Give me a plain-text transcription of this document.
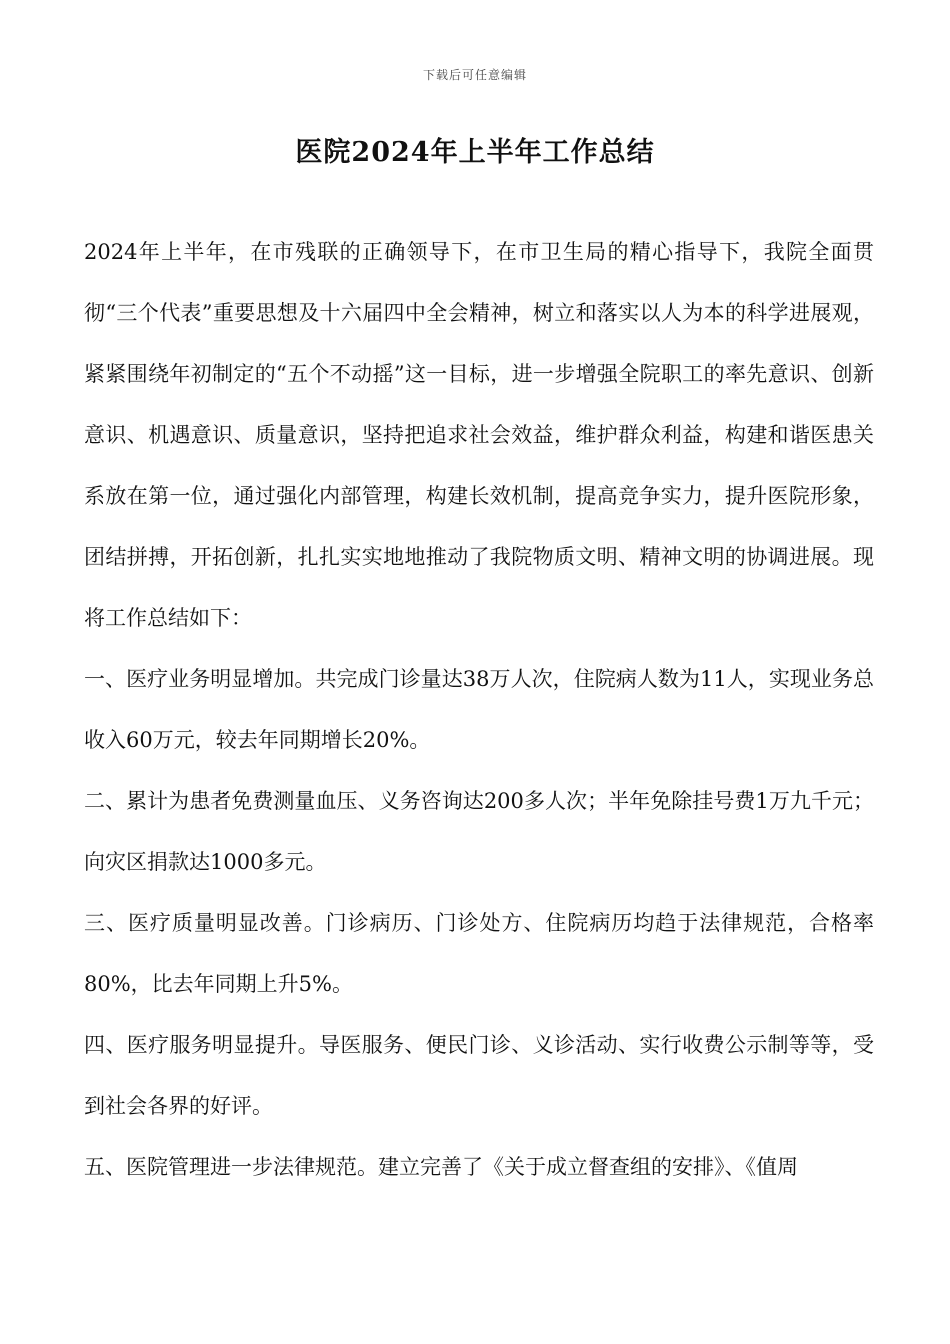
下载后可任意编辑
医院2024年上半年工作总结

2024年上半年，在市残联的正确领导下，在市卫生局的精心指导下，我院全面贯彻“三个代表”重要思想及十六届四中全会精神，树立和落实以人为本的科学进展观，紧紧围绕年初制定的“五个不动摇”这一目标，进一步增强全院职工的率先意识、创新意识、机遇意识、质量意识，坚持把追求社会效益，维护群众利益，构建和谐医患关系放在第一位，通过强化内部管理，构建长效机制，提高竞争实力，提升医院形象，团结拼搏，开拓创新，扎扎实实地地推动了我院物质文明、精神文明的协调进展。现将工作总结如下：

一、医疗业务明显增加。共完成门诊量达38万人次，住院病人数为11人，实现业务总收入60万元，较去年同期增长20%。

二、累计为患者免费测量血压、义务咨询达200多人次；半年免除挂号费1万九千元；向灾区捐款达1000多元。

三、医疗质量明显改善。门诊病历、门诊处方、住院病历均趋于法律规范，合格率80%，比去年同期上升5%。

四、医疗服务明显提升。导医服务、便民门诊、义诊活动、实行收费公示制等等，受到社会各界的好评。

五、医院管理进一步法律规范。建立完善了《关于成立督查组的安排》、《值周
